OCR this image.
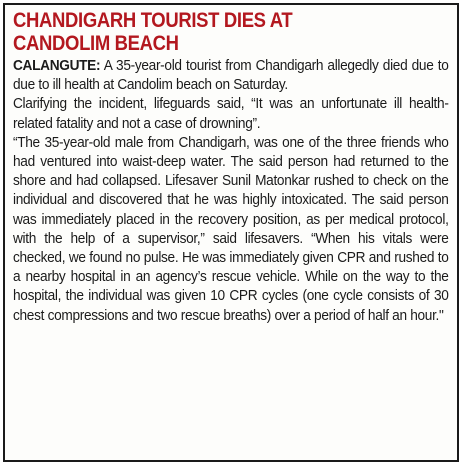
CHANDIGARH TOURIST DIES AT
CANDOLIM BEACH

CALANGUTE: A 35-year-old tourist from Chandigarh allegedly died due to due to ill health at Candolim beach on Saturday.

Clarifying the incident, lifeguards said, “It was an unfortunate ill health-related fatality and not a case of drowning”.

“The 35-year-old male from Chandigarh, was one of the three friends who had ventured into waist-deep water. The said person had returned to the shore and had collapsed. Lifesaver Sunil Matonkar rushed to check on the individual and discovered that he was highly intoxicated. The said person was immediately placed in the recovery position, as per medical protocol, with the help of a supervisor,” said lifesavers. “When his vitals were checked, we found no pulse. He was immediately given CPR and rushed to a nearby hospital in an agency’s rescue vehicle. While on the way to the hospital, the individual was given 10 CPR cycles (one cycle consists of 30 chest compressions and two rescue breaths) over a period of half an hour."
